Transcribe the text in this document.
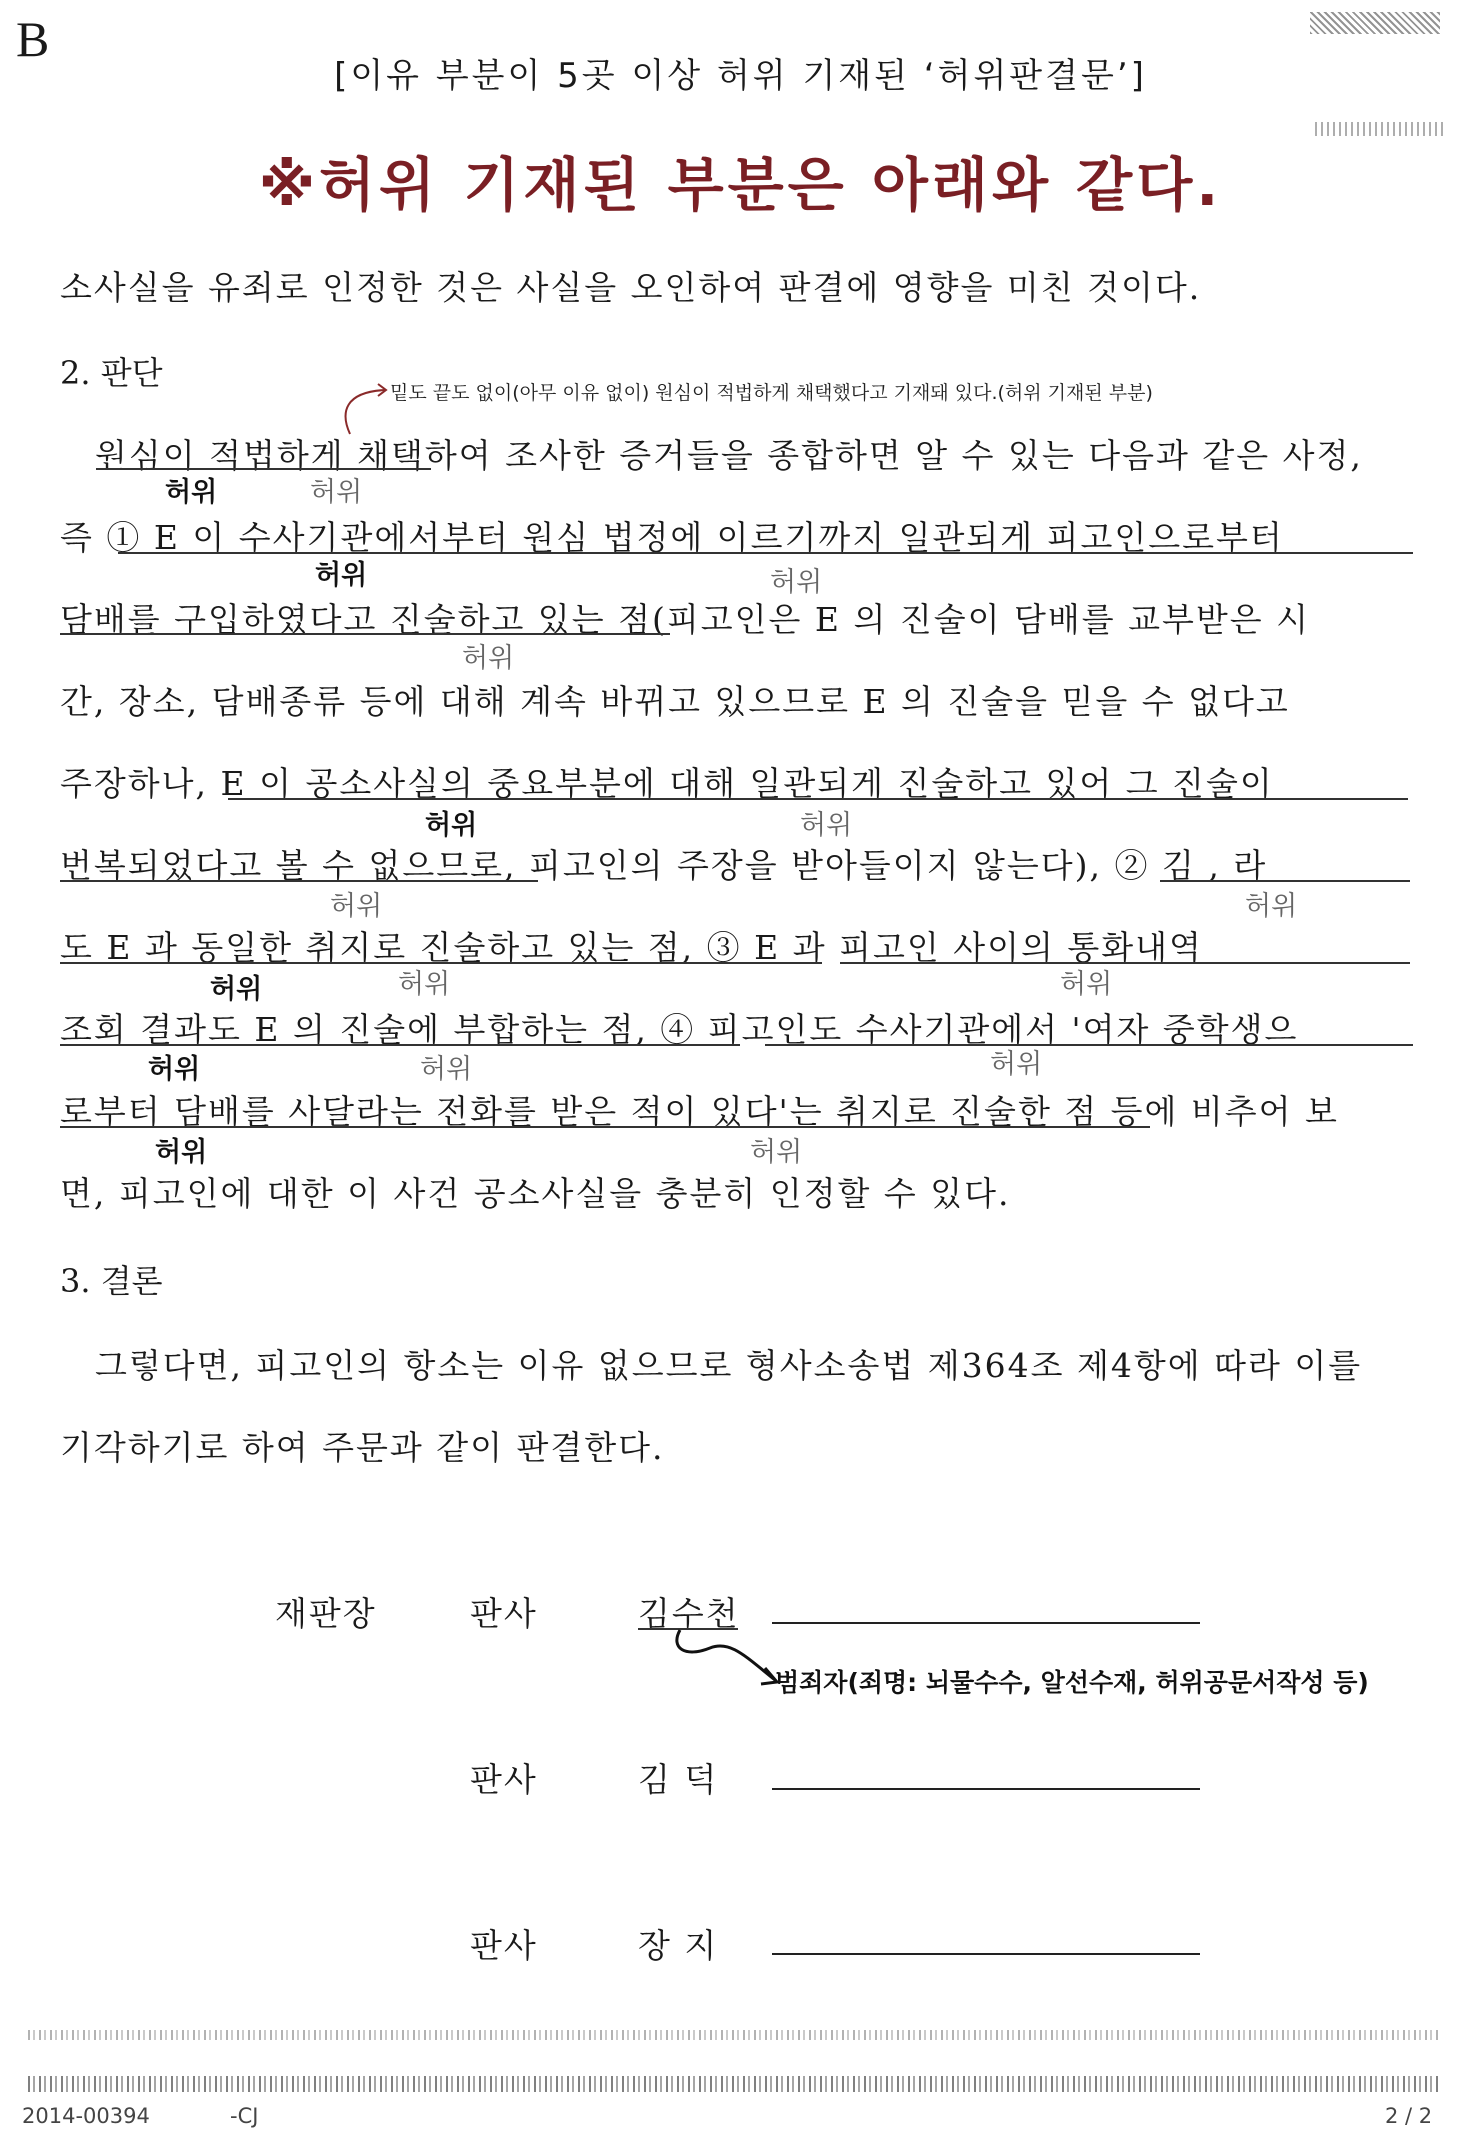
B
[이유 부분이 5곳 이상 허위 기재된 ‘허위판결문’]
※허위 기재된 부분은 아래와 같다.
소사실을 유죄로 인정한 것은 사실을 오인하여 판결에 영향을 미친 것이다.
2. 판단
밑도 끝도 없이(아무 이유 없이) 원심이 적법하게 채택했다고 기재돼 있다.(허위 기재된 부분)
원심이 적법하게 채택하여 조사한 증거들을 종합하면 알 수 있는 다음과 같은 사정,
허위	허위
즉 ① E 이 수사기관에서부터 원심 법정에 이르기까지 일관되게 피고인으로부터
허위	허위
담배를 구입하였다고 진술하고 있는 점(피고인은 E 의 진술이 담배를 교부받은 시
허위
간, 장소, 담배종류 등에 대해 계속 바뀌고 있으므로 E 의 진술을 믿을 수 없다고
주장하나, E 이 공소사실의 중요부분에 대해 일관되게 진술하고 있어 그 진술이
허위	허위
번복되었다고 볼 수 없으므로, 피고인의 주장을 받아들이지 않는다), ② 김 , 라
허위	허위
도 E 과 동일한 취지로 진술하고 있는 점, ③ E 과 피고인 사이의 통화내역
허위	허위	허위
조회 결과도 E 의 진술에 부합하는 점, ④ 피고인도 수사기관에서 '여자 중학생으
허위	허위	허위
로부터 담배를 사달라는 전화를 받은 적이 있다'는 취지로 진술한 점 등에 비추어 보
허위	허위
면, 피고인에 대한 이 사건 공소사실을 충분히 인정할 수 있다.
3. 결론
그렇다면, 피고인의 항소는 이유 없으므로 형사소송법 제364조 제4항에 따라 이를
기각하기로 하여 주문과 같이 판결한다.
재판장	판사	김수천
범죄자(죄명: 뇌물수수, 알선수재, 허위공문서작성 등)
판사	김 덕
판사	장 지
2014-00394	-CJ	2 / 2
